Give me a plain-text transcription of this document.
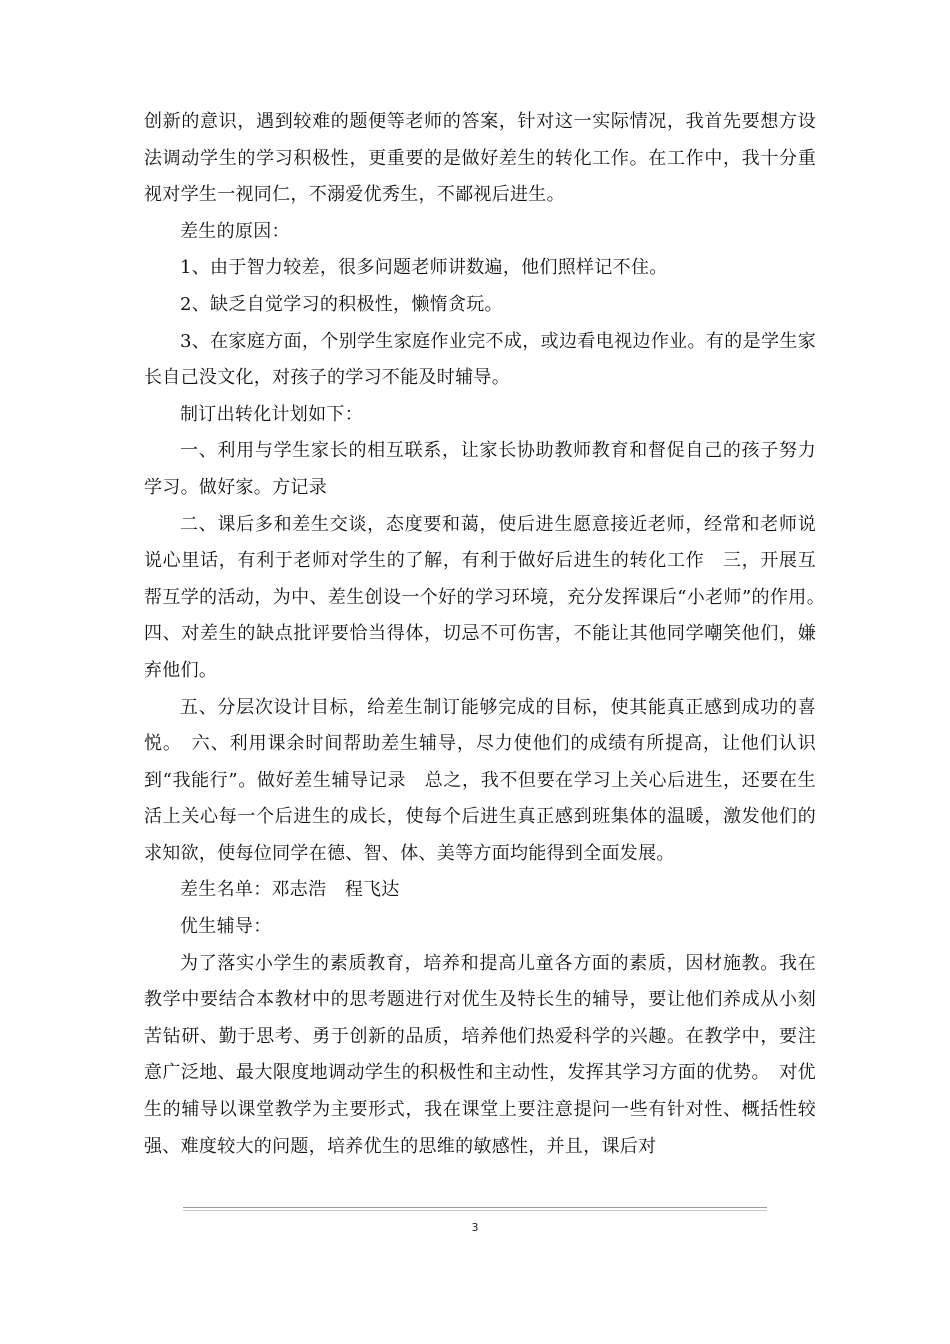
创新的意识，遇到较难的题便等老师的答案，针对这一实际情况，我首先要想方设法调动学生的学习积极性，更重要的是做好差生的转化工作。在工作中，我十分重视对学生一视同仁，不溺爱优秀生，不鄙视后进生。

差生的原因：

1、由于智力较差，很多问题老师讲数遍，他们照样记不住。

2、缺乏自觉学习的积极性，懒惰贪玩。

3、在家庭方面，个别学生家庭作业完不成，或边看电视边作业。有的是学生家长自己没文化，对孩子的学习不能及时辅导。

制订出转化计划如下：

一、利用与学生家长的相互联系，让家长协助教师教育和督促自己的孩子努力学习。做好家。方记录

二、课后多和差生交谈，态度要和蔼，使后进生愿意接近老师，经常和老师说说心里话，有利于老师对学生的了解，有利于做好后进生的转化工作　三，开展互帮互学的活动，为中、差生创设一个好的学习环境，充分发挥课后“小老师”的作用。　四、对差生的缺点批评要恰当得体，切忌不可伤害，不能让其他同学嘲笑他们，嫌弃他们。

五、分层次设计目标，给差生制订能够完成的目标，使其能真正感到成功的喜悦。　六、利用课余时间帮助差生辅导，尽力使他们的成绩有所提高，让他们认识到“我能行”。做好差生辅导记录　总之，我不但要在学习上关心后进生，还要在生活上关心每一个后进生的成长，使每个后进生真正感到班集体的温暖，激发他们的求知欲，使每位同学在德、智、体、美等方面均能得到全面发展。

差生名单：邓志浩　程飞达

优生辅导：

为了落实小学生的素质教育，培养和提高儿童各方面的素质，因材施教。我在教学中要结合本教材中的思考题进行对优生及特长生的辅导，要让他们养成从小刻苦钻研、勤于思考、勇于创新的品质，培养他们热爱科学的兴趣。在教学中，要注意广泛地、最大限度地调动学生的积极性和主动性，发挥其学习方面的优势。　对优生的辅导以课堂教学为主要形式，我在课堂上要注意提问一些有针对性、概括性较强、难度较大的问题，培养优生的思维的敏感性，并且，课后对

3
